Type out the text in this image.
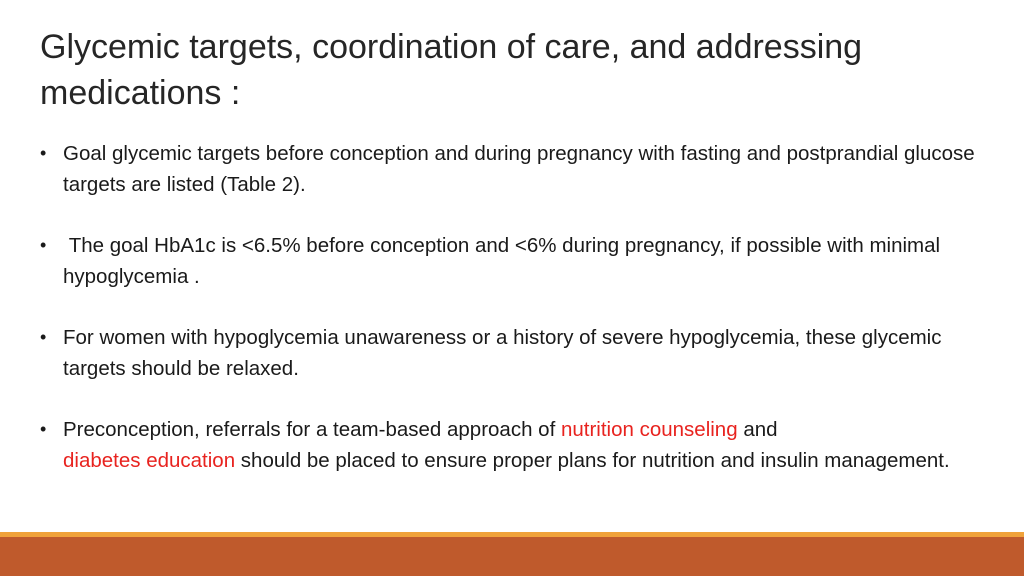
Glycemic targets, coordination of care, and addressing medications :
• Goal glycemic targets before conception and during pregnancy with fasting and postprandial glucose targets are listed (Table 2).
• The goal HbA1c is <6.5% before conception and <6% during pregnancy, if possible with minimal hypoglycemia .
• For women with hypoglycemia unawareness or a history of severe hypoglycemia, these glycemic targets should be relaxed.
• Preconception, referrals for a team-based approach of nutrition counseling and
diabetes education should be placed to ensure proper plans for nutrition and insulin management.
